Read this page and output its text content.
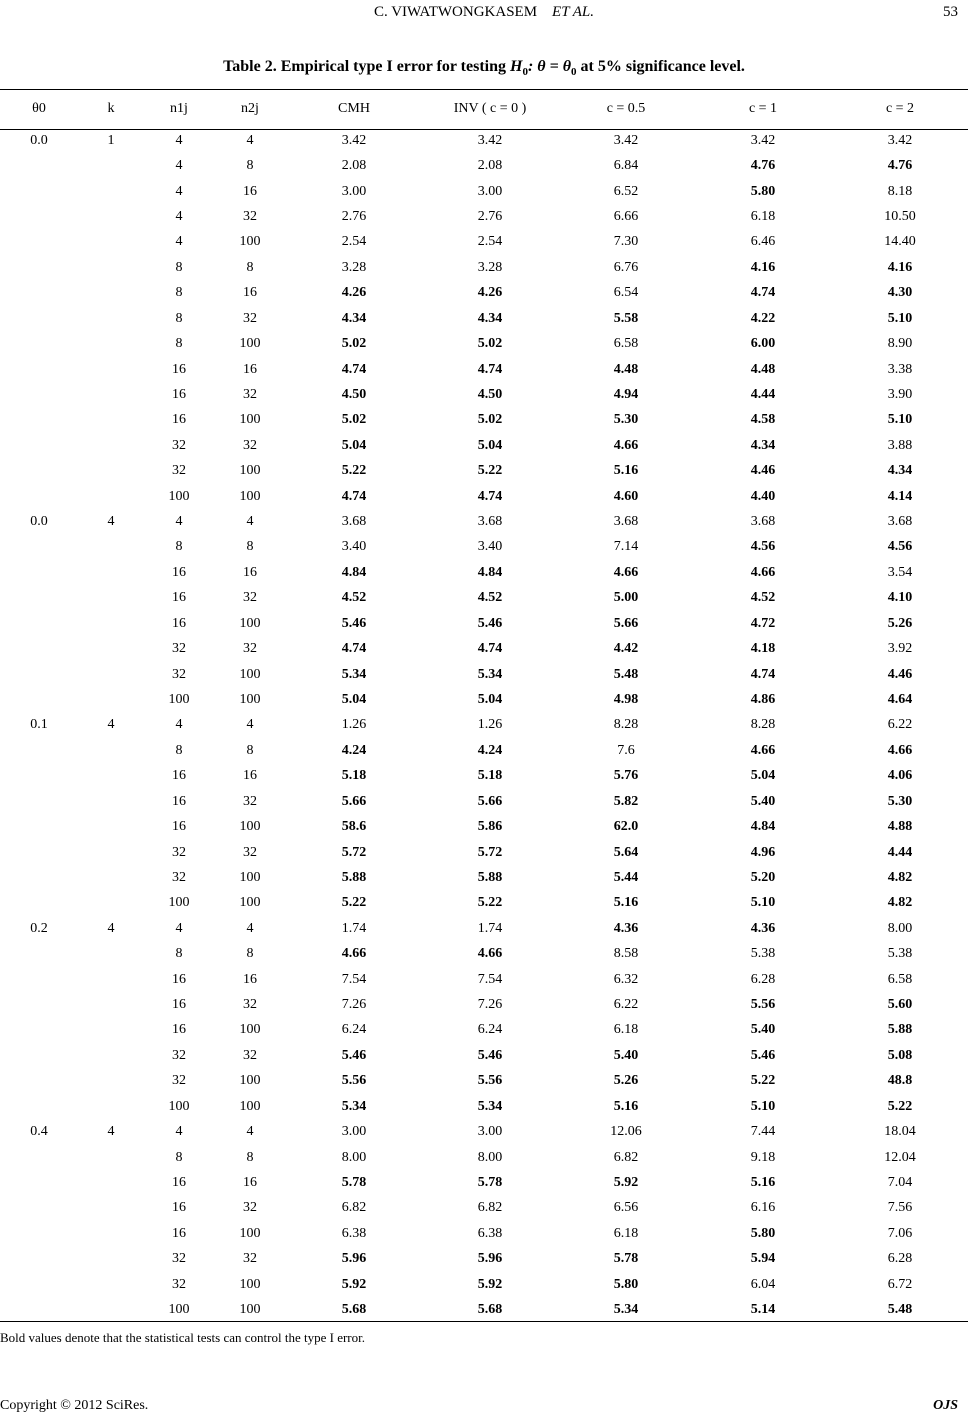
C. VIWATWONGKASEM ET AL.	53
Table 2. Empirical type I error for testing $H_0$: $\theta = \theta_0$ at 5% significance level.
θ0	k	n1j	n2j	CMH	INV ( c = 0 )	c = 0.5	c = 1	c = 2
0.0	1	4	4	3.42	3.42	3.42	3.42	3.42
		4	8	2.08	2.08	6.84	4.76	4.76
		4	16	3.00	3.00	6.52	5.80	8.18
		4	32	2.76	2.76	6.66	6.18	10.50
		4	100	2.54	2.54	7.30	6.46	14.40
		8	8	3.28	3.28	6.76	4.16	4.16
		8	16	4.26	4.26	6.54	4.74	4.30
		8	32	4.34	4.34	5.58	4.22	5.10
		8	100	5.02	5.02	6.58	6.00	8.90
		16	16	4.74	4.74	4.48	4.48	3.38
		16	32	4.50	4.50	4.94	4.44	3.90
		16	100	5.02	5.02	5.30	4.58	5.10
		32	32	5.04	5.04	4.66	4.34	3.88
		32	100	5.22	5.22	5.16	4.46	4.34
		100	100	4.74	4.74	4.60	4.40	4.14
0.0	4	4	4	3.68	3.68	3.68	3.68	3.68
		8	8	3.40	3.40	7.14	4.56	4.56
		16	16	4.84	4.84	4.66	4.66	3.54
		16	32	4.52	4.52	5.00	4.52	4.10
		16	100	5.46	5.46	5.66	4.72	5.26
		32	32	4.74	4.74	4.42	4.18	3.92
		32	100	5.34	5.34	5.48	4.74	4.46
		100	100	5.04	5.04	4.98	4.86	4.64
0.1	4	4	4	1.26	1.26	8.28	8.28	6.22
		8	8	4.24	4.24	7.6	4.66	4.66
		16	16	5.18	5.18	5.76	5.04	4.06
		16	32	5.66	5.66	5.82	5.40	5.30
		16	100	58.6	5.86	62.0	4.84	4.88
		32	32	5.72	5.72	5.64	4.96	4.44
		32	100	5.88	5.88	5.44	5.20	4.82
		100	100	5.22	5.22	5.16	5.10	4.82
0.2	4	4	4	1.74	1.74	4.36	4.36	8.00
		8	8	4.66	4.66	8.58	5.38	5.38
		16	16	7.54	7.54	6.32	6.28	6.58
		16	32	7.26	7.26	6.22	5.56	5.60
		16	100	6.24	6.24	6.18	5.40	5.88
		32	32	5.46	5.46	5.40	5.46	5.08
		32	100	5.56	5.56	5.26	5.22	48.8
		100	100	5.34	5.34	5.16	5.10	5.22
0.4	4	4	4	3.00	3.00	12.06	7.44	18.04
		8	8	8.00	8.00	6.82	9.18	12.04
		16	16	5.78	5.78	5.92	5.16	7.04
		16	32	6.82	6.82	6.56	6.16	7.56
		16	100	6.38	6.38	6.18	5.80	7.06
		32	32	5.96	5.96	5.78	5.94	6.28
		32	100	5.92	5.92	5.80	6.04	6.72
		100	100	5.68	5.68	5.34	5.14	5.48
Bold values denote that the statistical tests can control the type I error.
Copyright © 2012 SciRes.	OJS
